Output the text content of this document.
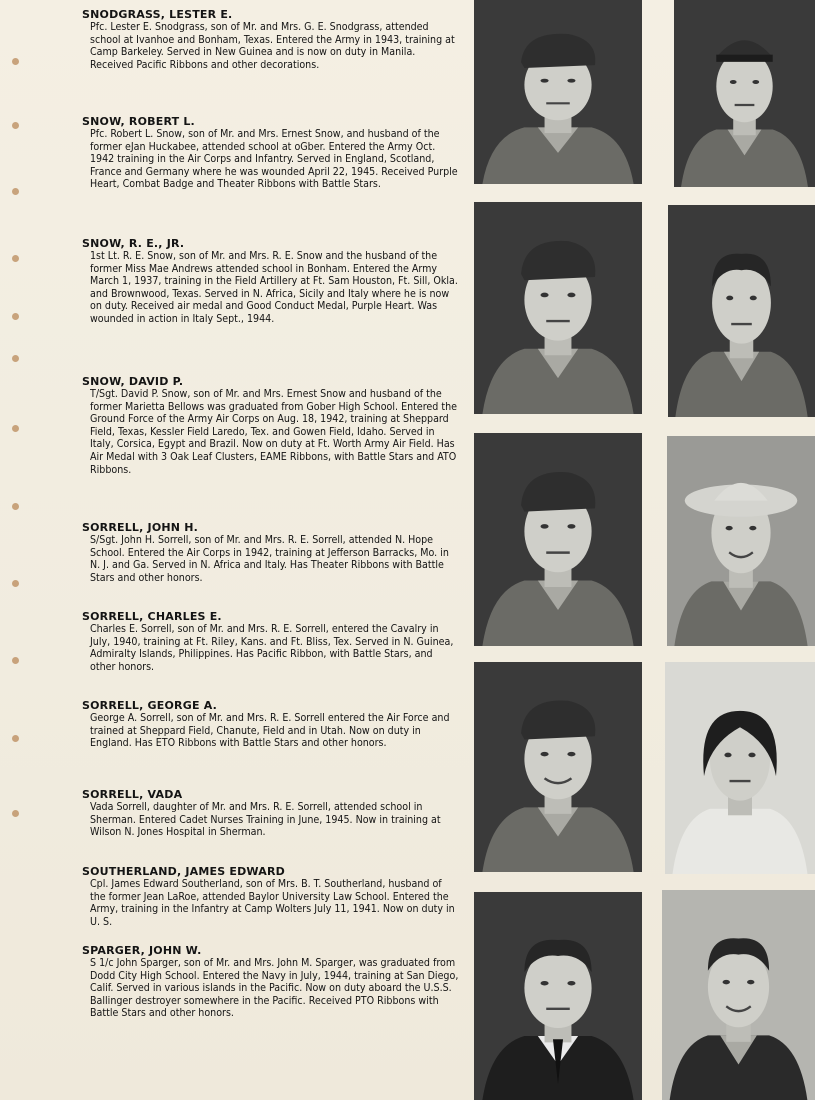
SNODGRASS, LESTER E.

Pfc. Lester E. Snodgrass, son of Mr. and Mrs. G. E. Snodgrass, attended school at Ivanhoe and Bonham, Texas. Entered the Army in 1943, training at Camp Barkeley. Served in New Guinea and is now on duty in Manila. Received Pacific Ribbons and other decorations.

SNOW, ROBERT L.

Pfc. Robert L. Snow, son of Mr. and Mrs. Ernest Snow, and husband of the former eJan Huckabee, attended school at oGber. Entered the Army Oct. 1942 training in the Air Corps and Infantry. Served in England, Scotland, France and Germany where he was wounded April 22, 1945. Received Purple Heart, Combat Badge and Theater Ribbons with Battle Stars.

SNOW, R. E., JR.

1st Lt. R. E. Snow, son of Mr. and Mrs. R. E. Snow and the husband of the former Miss Mae Andrews attended school in Bonham. Entered the Army March 1, 1937, training in the Field Artillery at Ft. Sam Houston, Ft. Sill, Okla. and Brownwood, Texas. Served in N. Africa, Sicily and Italy where he is now on duty. Received air medal and Good Conduct Medal, Purple Heart. Was wounded in action in Italy Sept., 1944.

SNOW, DAVID P.

T/Sgt. David P. Snow, son of Mr. and Mrs. Ernest Snow and husband of the former Marietta Bellows was graduated from Gober High School. Entered the Ground Force of the Army Air Corps on Aug. 18, 1942, training at Sheppard Field, Texas, Kessler Field Laredo, Tex. and Gowen Field, Idaho. Served in Italy, Corsica, Egypt and Brazil. Now on duty at Ft. Worth Army Air Field. Has Air Medal with 3 Oak Leaf Clusters, EAME Ribbons, with Battle Stars and ATO Ribbons.

SORRELL, JOHN H.

S/Sgt. John H. Sorrell, son of Mr. and Mrs. R. E. Sorrell, attended N. Hope School. Entered the Air Corps in 1942, training at Jefferson Barracks, Mo. in N. J. and Ga. Served in N. Africa and Italy. Has Theater Ribbons with Battle Stars and other honors.

SORRELL, CHARLES E.

Charles E. Sorrell, son of Mr. and Mrs. R. E. Sorrell, entered the Cavalry in July, 1940, training at Ft. Riley, Kans. and Ft. Bliss, Tex. Served in N. Guinea, Admiralty Islands, Philippines. Has Pacific Ribbon, with Battle Stars, and other honors.

SORRELL, GEORGE A.

George A. Sorrell, son of Mr. and Mrs. R. E. Sorrell entered the Air Force and trained at Sheppard Field, Chanute, Field and in Utah. Now on duty in England. Has ETO Ribbons with Battle Stars and other honors.

SORRELL, VADA

Vada Sorrell, daughter of Mr. and Mrs. R. E. Sorrell, attended school in Sherman. Entered Cadet Nurses Training in June, 1945. Now in training at Wilson N. Jones Hospital in Sherman.

SOUTHERLAND, JAMES EDWARD

Cpl. James Edward Southerland, son of Mrs. B. T. Southerland, husband of the former Jean LaRoe, attended Baylor University Law School. Entered the Army, training in the Infantry at Camp Wolters July 11, 1941. Now on duty in U. S.

SPARGER, JOHN W.

S 1/c John Sparger, son of Mr. and Mrs. John M. Sparger, was graduated from Dodd City High School. Entered the Navy in July, 1944, training at San Diego, Calif. Served in various islands in the Pacific. Now on duty aboard the U.S.S. Ballinger destroyer somewhere in the Pacific. Received PTO Ribbons with Battle Stars and other honors.
